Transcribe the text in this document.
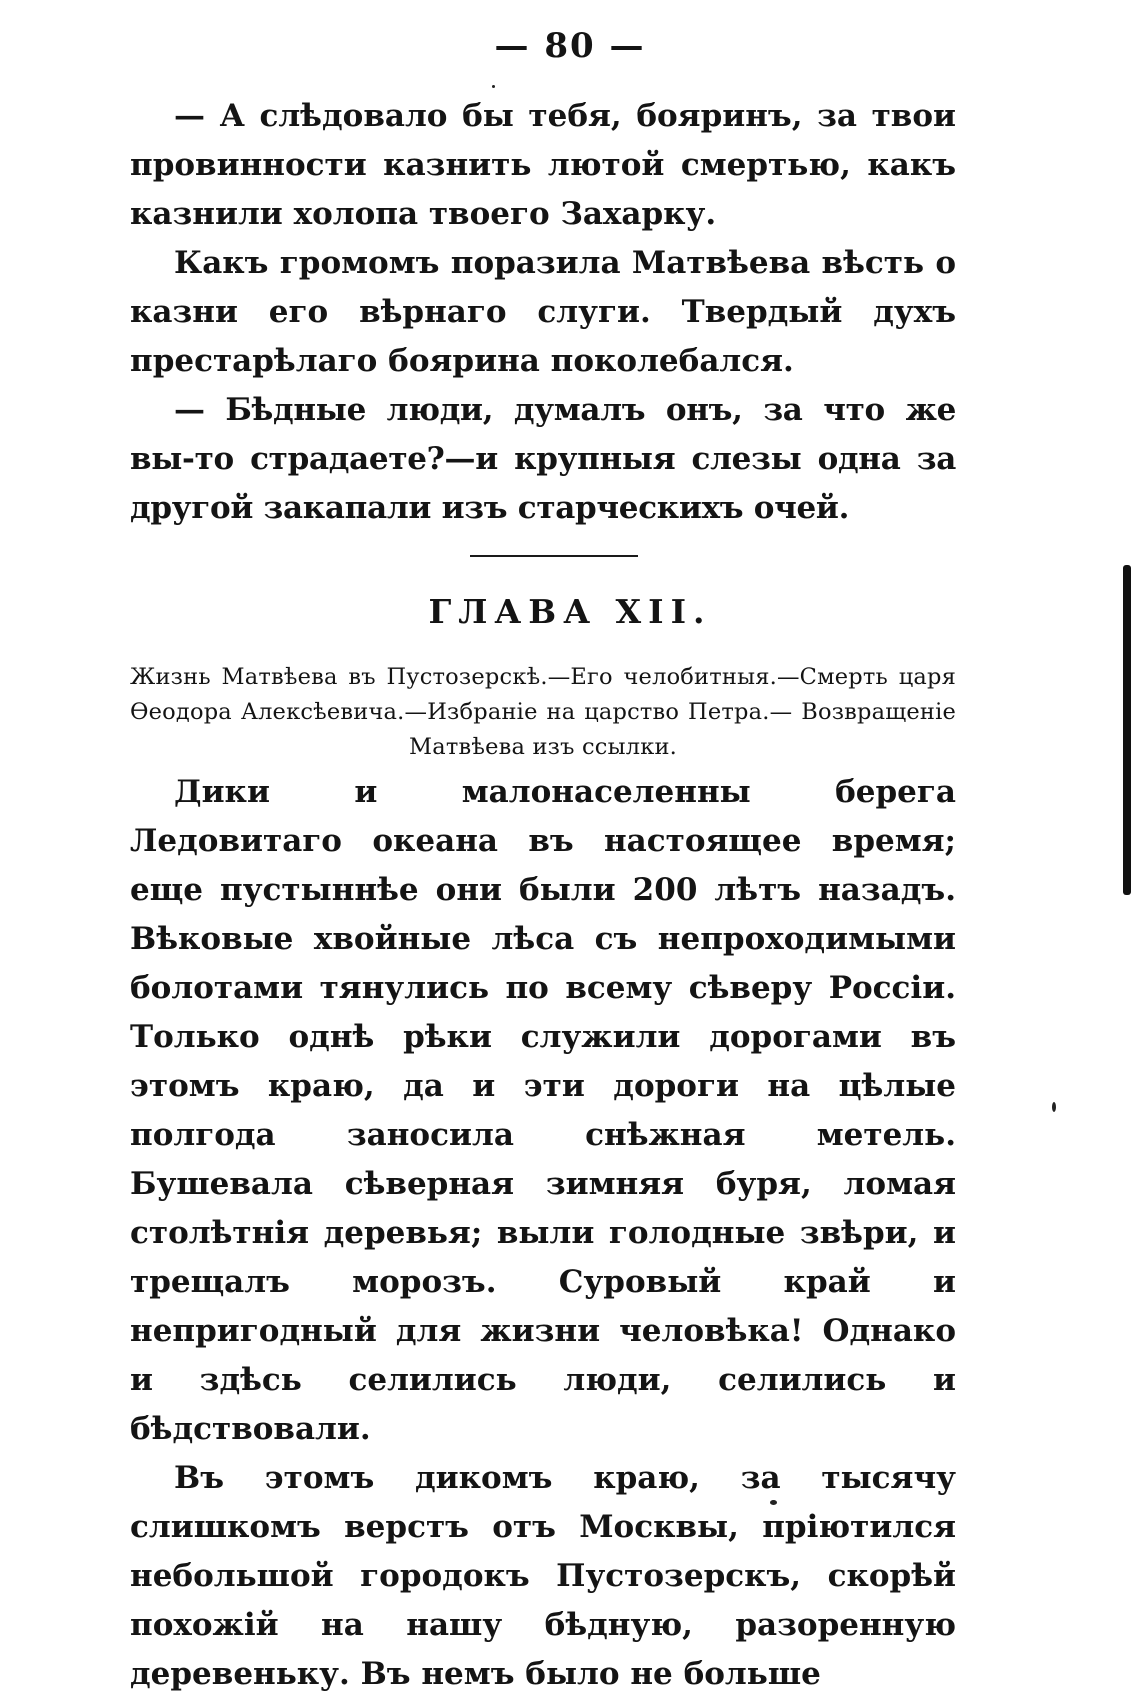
— 80 —

— А слѣдовало бы тебя, бояринъ, за твои провинности казнить лютой смертью, какъ казнили холопа твоего Захарку.

Какъ громомъ поразила Матвѣева вѣсть о казни его вѣрнаго слуги. Твердый духъ престарѣлаго боярина поколебался.

— Бѣдные люди, думалъ онъ, за что же вы-то страдаете?—и крупныя слезы одна за другой закапали изъ старческихъ очей.

ГЛАВА XII.

Жизнь Матвѣева въ Пустозерскѣ.—Его челобитныя.—Смерть царя Өеодора Алексѣевича.—Избраніе на царство Петра.— Возвращеніе Матвѣева изъ ссылки.

Дики и малонаселенны берега Ледовитаго океана въ настоящее время; еще пустыннѣе они были 200 лѣтъ назадъ. Вѣковые хвойные лѣса съ непроходимыми болотами тянулись по всему сѣверу Россіи. Только однѣ рѣки служили дорогами въ этомъ краю, да и эти дороги на цѣлые полгода заносила снѣжная метель. Бушевала сѣверная зимняя буря, ломая столѣтнія деревья; выли голодные звѣри, и трещалъ морозъ. Суровый край и непригодный для жизни человѣка! Однако и здѣсь селились люди, селились и бѣдствовали.

Въ этомъ дикомъ краю, за тысячу слишкомъ верстъ отъ Москвы, пріютился небольшой городокъ Пустозерскъ, скорѣй похожій на нашу бѣдную, разоренную деревеньку. Въ немъ было не больше
